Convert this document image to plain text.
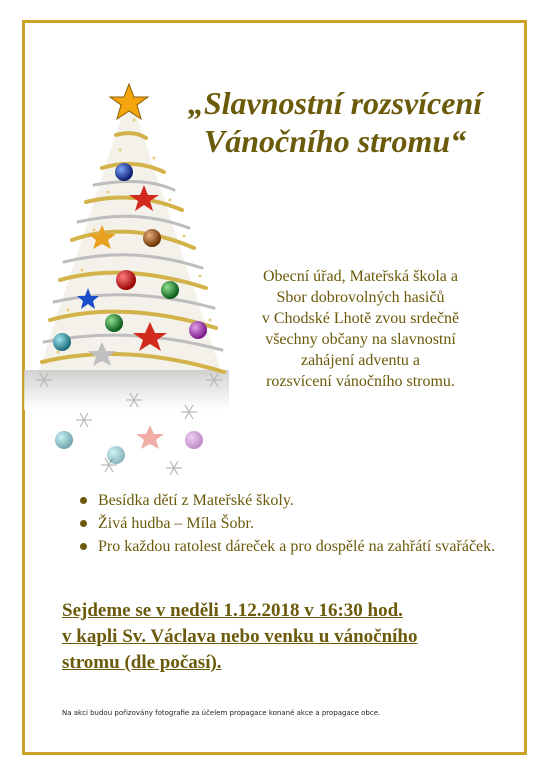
„Slavnostní rozsvícení
Vánočního stromu“

Obecní úřad, Mateřská škola a
Sbor dobrovolných hasičů
v Chodské Lhotě zvou srdečně
všechny občany na slavnostní
zahájení adventu a
rozsvícení vánočního stromu.

Besídka dětí z Mateřské školy.
Živá hudba – Míla Šobr.
Pro každou ratolest dáreček a pro dospělé na zahřátí svařáček.

Sejdeme se v neděli 1.12.2018 v 16:30 hod.
v kapli Sv. Václava nebo venku u vánočního
stromu (dle počasí).

Na akci budou pořizovány fotografie za účelem propagace konané akce a propagace obce.
